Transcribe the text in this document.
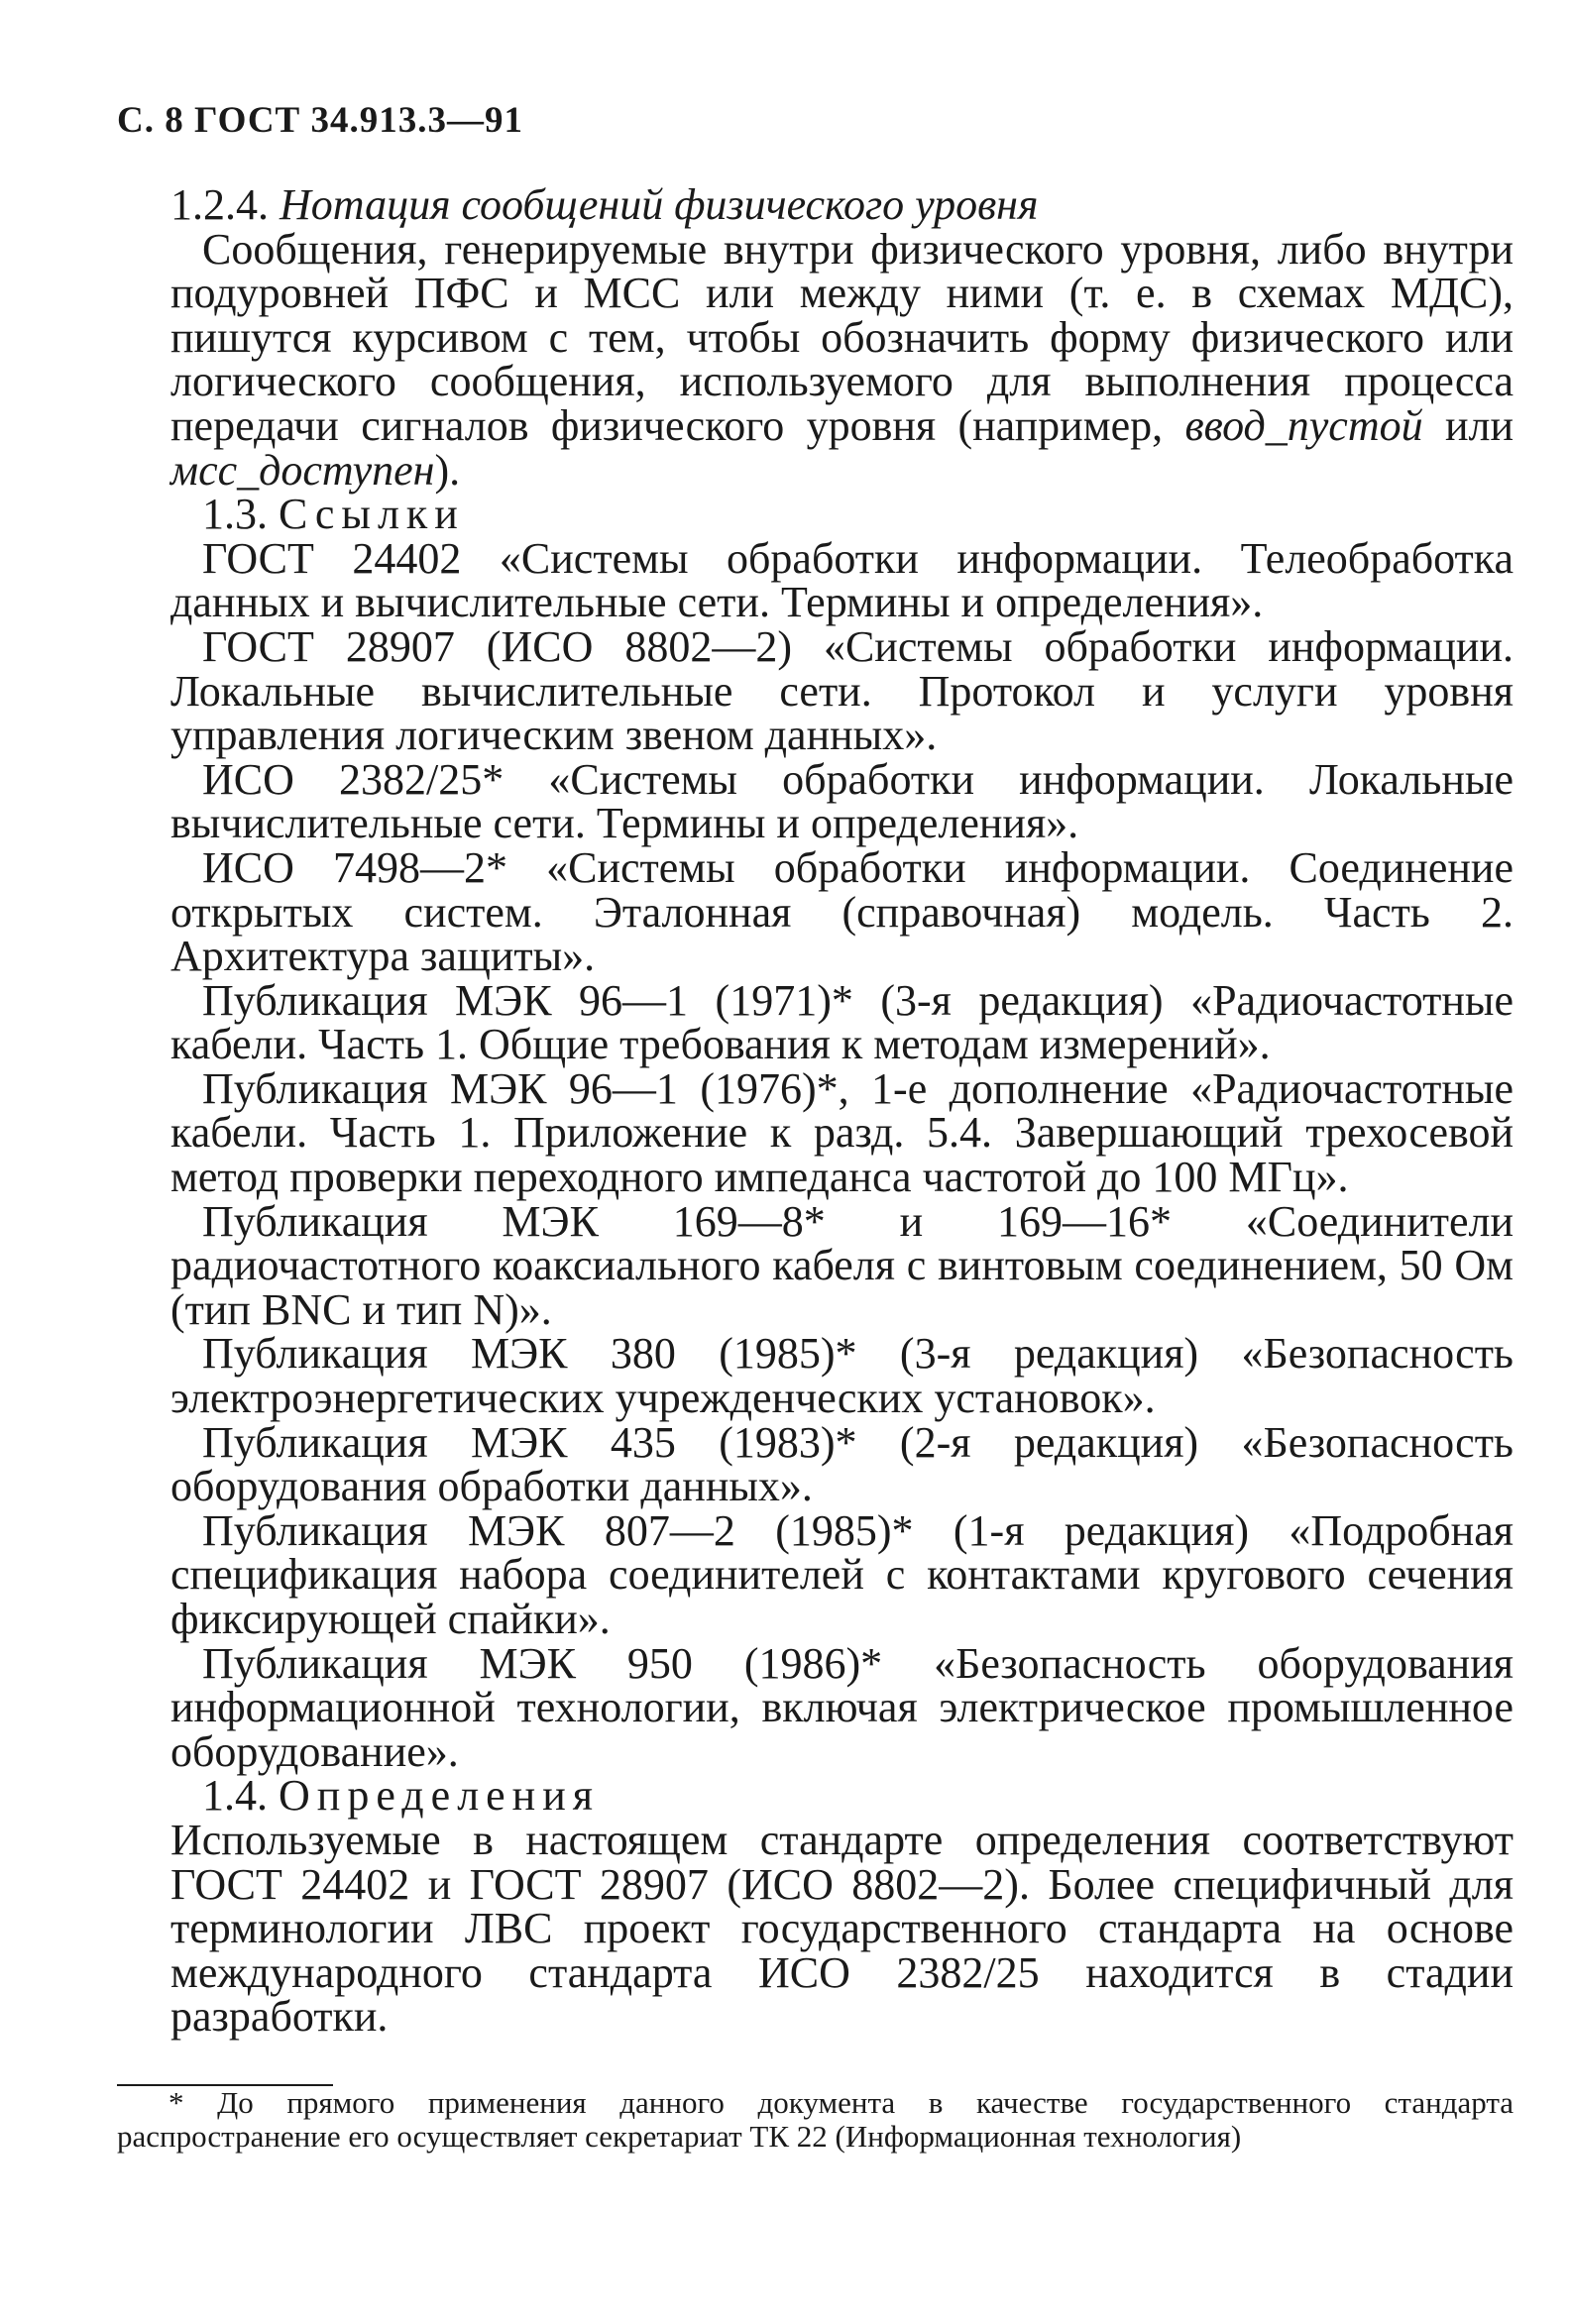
С. 8 ГОСТ 34.913.3—91

1.2.4. Нотация сообщений физического уровня

Сообщения, генерируемые внутри физического уровня, либо внутри подуровней ПФС и МСС или между ними (т. е. в схемах МДС), пишутся курсивом с тем, чтобы обозначить форму физического или логического сообщения, используемого для выполнения процесса передачи сигналов физического уровня (например, ввод_пустой или мсс_доступен).

1.3. Ссылки

ГОСТ 24402 «Системы обработки информации. Телеобработка данных и вычислительные сети. Термины и определения».

ГОСТ 28907 (ИСО 8802—2) «Системы обработки информации. Локальные вычислительные сети. Протокол и услуги уровня управления логическим звеном данных».

ИСО 2382/25* «Системы обработки информации. Локальные вычислительные сети. Термины и определения».

ИСО 7498—2* «Системы обработки информации. Соединение открытых систем. Эталонная (справочная) модель. Часть 2. Архитектура защиты».

Публикация МЭК 96—1 (1971)* (3-я редакция) «Радиочастотные кабели. Часть 1. Общие требования к методам измерений».

Публикация МЭК 96—1 (1976)*, 1-е дополнение «Радиочастотные кабели. Часть 1. Приложение к разд. 5.4. Завершающий трехосевой метод проверки переходного импеданса частотой до 100 МГц».

Публикация МЭК 169—8* и 169—16* «Соединители радиочастотного коаксиального кабеля с винтовым соединением, 50 Ом (тип BNC и тип N)».

Публикация МЭК 380 (1985)* (3-я редакция) «Безопасность электроэнергетических учрежденческих установок».

Публикация МЭК 435 (1983)* (2-я редакция) «Безопасность оборудования обработки данных».

Публикация МЭК 807—2 (1985)* (1-я редакция) «Подробная спецификация набора соединителей с контактами кругового сечения фиксирующей спайки».

Публикация МЭК 950 (1986)* «Безопасность оборудования информационной технологии, включая электрическое промышленное оборудование».

1.4. Определения

Используемые в настоящем стандарте определения соответствуют ГОСТ 24402 и ГОСТ 28907 (ИСО 8802—2). Более специфичный для терминологии ЛВС проект государственного стандарта на основе международного стандарта ИСО 2382/25 находится в стадии разработки.

* До прямого применения данного документа в качестве государственного стандарта распространение его осуществляет секретариат ТК 22 (Информационная технология)
